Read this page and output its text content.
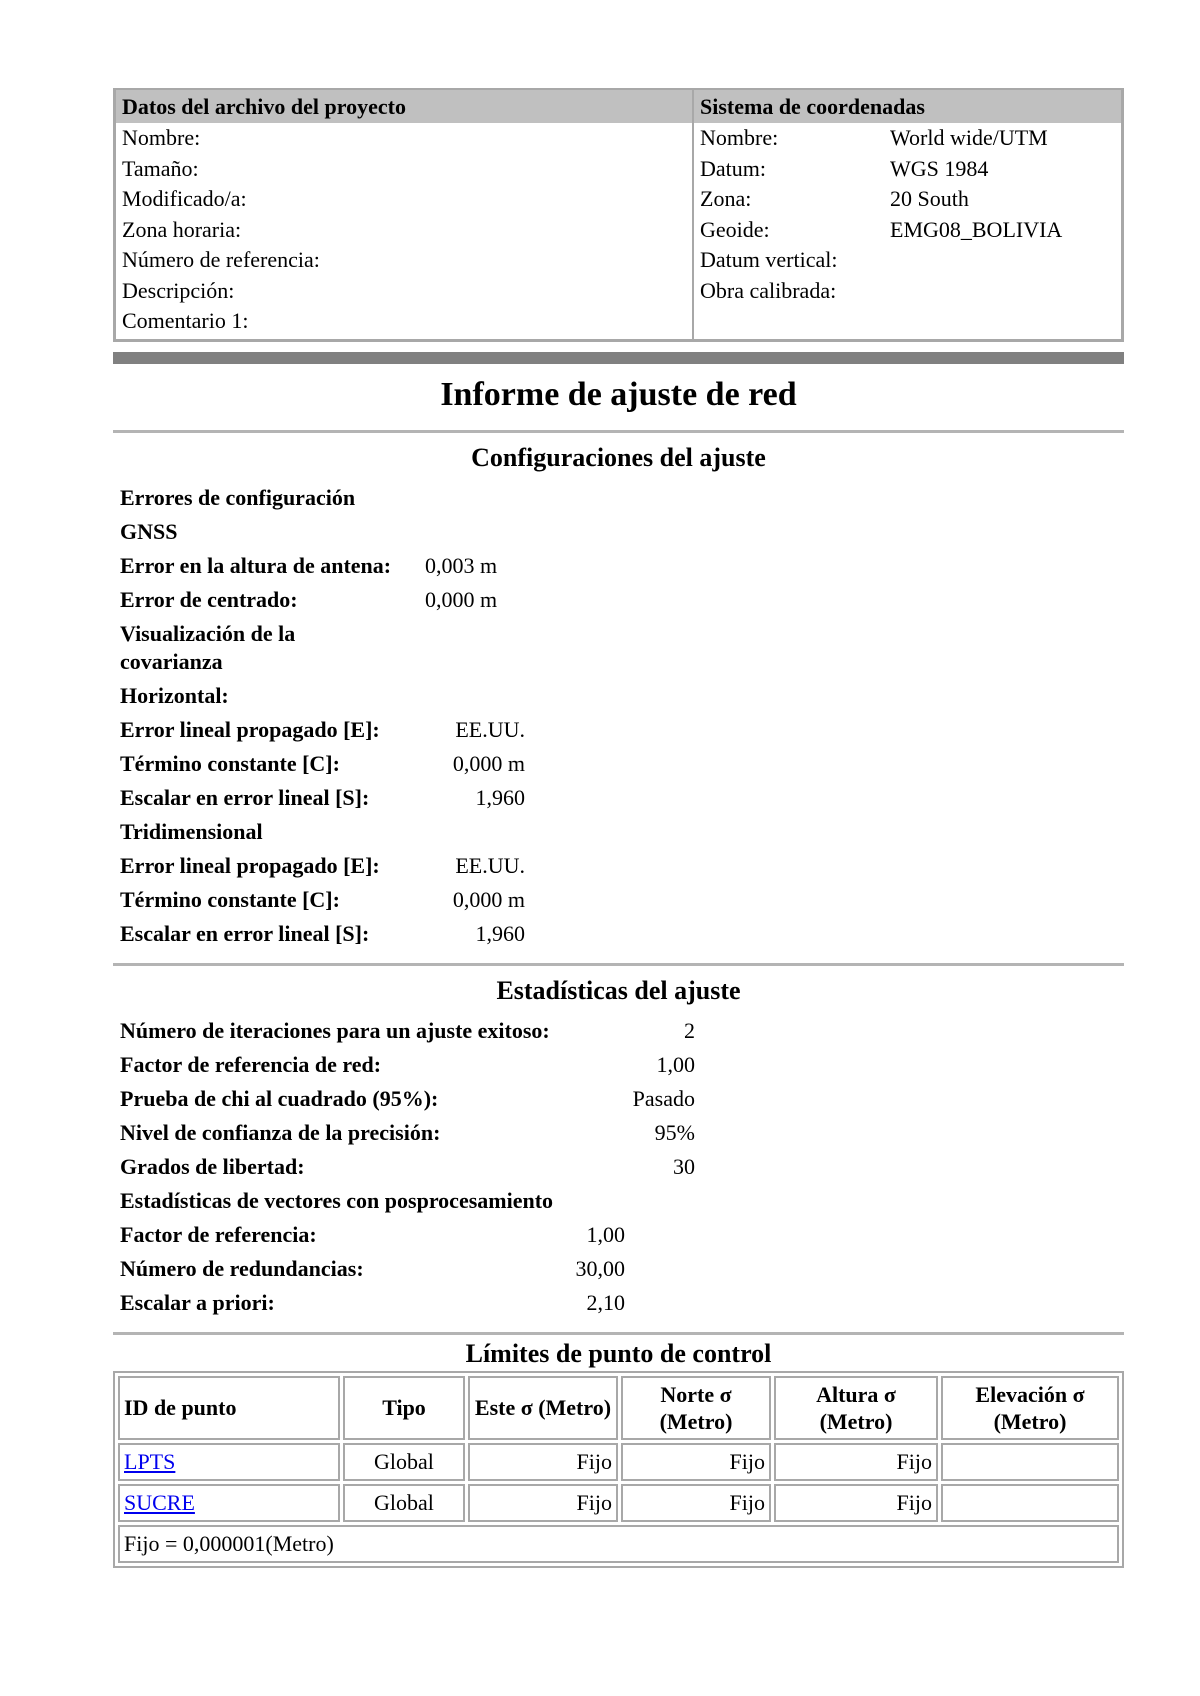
Datos del archivo del proyecto
Nombre:
Tamaño:
Modificado/a:
Zona horaria:
Número de referencia:
Descripción:
Comentario 1:
Sistema de coordenadas
Nombre:	World wide/UTM
Datum:	WGS 1984
Zona:	20 South
Geoide:	EMG08_BOLIVIA
Datum vertical:
Obra calibrada:
Informe de ajuste de red
Configuraciones del ajuste
Errores de configuración
GNSS
Error en la altura de antena:	0,003 m
Error de centrado:	0,000 m
Visualización de la covarianza
Horizontal:
Error lineal propagado [E]:	EE.UU.
Término constante [C]:	0,000 m
Escalar en error lineal [S]:	1,960
Tridimensional
Error lineal propagado [E]:	EE.UU.
Término constante [C]:	0,000 m
Escalar en error lineal [S]:	1,960
Estadísticas del ajuste
Número de iteraciones para un ajuste exitoso:	2
Factor de referencia de red:	1,00
Prueba de chi al cuadrado (95%):	Pasado
Nivel de confianza de la precisión:	95%
Grados de libertad:	30
Estadísticas de vectores con posprocesamiento
Factor de referencia:	1,00
Número de redundancias:	30,00
Escalar a priori:	2,10
Límites de punto de control
ID de punto	Tipo	Este σ (Metro)	Norte σ (Metro)	Altura σ (Metro)	Elevación σ (Metro)
LPTS	Global	Fijo	Fijo	Fijo	
SUCRE	Global	Fijo	Fijo	Fijo	
Fijo = 0,000001(Metro)					
